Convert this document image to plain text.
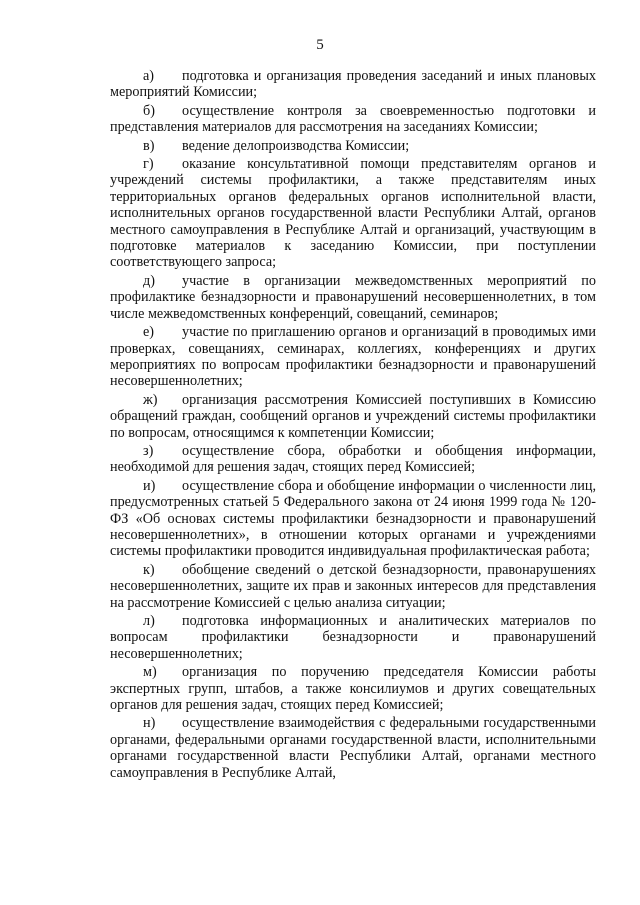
5

а) подготовка и организация проведения заседаний и иных плановых мероприятий Комиссии;

б) осуществление контроля за своевременностью подготовки и представления материалов для рассмотрения на заседаниях Комиссии;

в) ведение делопроизводства Комиссии;

г) оказание консультативной помощи представителям органов и учреждений системы профилактики, а также представителям иных территориальных органов федеральных органов исполнительной власти, исполнительных органов государственной власти Республики Алтай, органов местного самоуправления в Республике Алтай и организаций, участвующим в подготовке материалов к заседанию Комиссии, при поступлении соответствующего запроса;

д) участие в организации межведомственных мероприятий по профилактике безнадзорности и правонарушений несовершеннолетних, в том числе межведомственных конференций, совещаний, семинаров;

е) участие по приглашению органов и организаций в проводимых ими проверках, совещаниях, семинарах, коллегиях, конференциях и других мероприятиях по вопросам профилактики безнадзорности и правонарушений несовершеннолетних;

ж) организация рассмотрения Комиссией поступивших в Комиссию обращений граждан, сообщений органов и учреждений системы профилактики по вопросам, относящимся к компетенции Комиссии;

з) осуществление сбора, обработки и обобщения информации, необходимой для решения задач, стоящих перед Комиссией;

и) осуществление сбора и обобщение информации о численности лиц, предусмотренных статьей 5 Федерального закона от 24 июня 1999 года № 120-ФЗ «Об основах системы профилактики безнадзорности и правонарушений несовершеннолетних», в отношении которых органами и учреждениями системы профилактики проводится индивидуальная профилактическая работа;

к) обобщение сведений о детской безнадзорности, правонарушениях несовершеннолетних, защите их прав и законных интересов для представления на рассмотрение Комиссией с целью анализа ситуации;

л) подготовка информационных и аналитических материалов по вопросам профилактики безнадзорности и правонарушений несовершеннолетних;

м) организация по поручению председателя Комиссии работы экспертных групп, штабов, а также консилиумов и других совещательных органов для решения задач, стоящих перед Комиссией;

н) осуществление взаимодействия с федеральными государственными органами, федеральными органами государственной власти, исполнительными органами государственной власти Республики Алтай, органами местного самоуправления в Республике Алтай,
